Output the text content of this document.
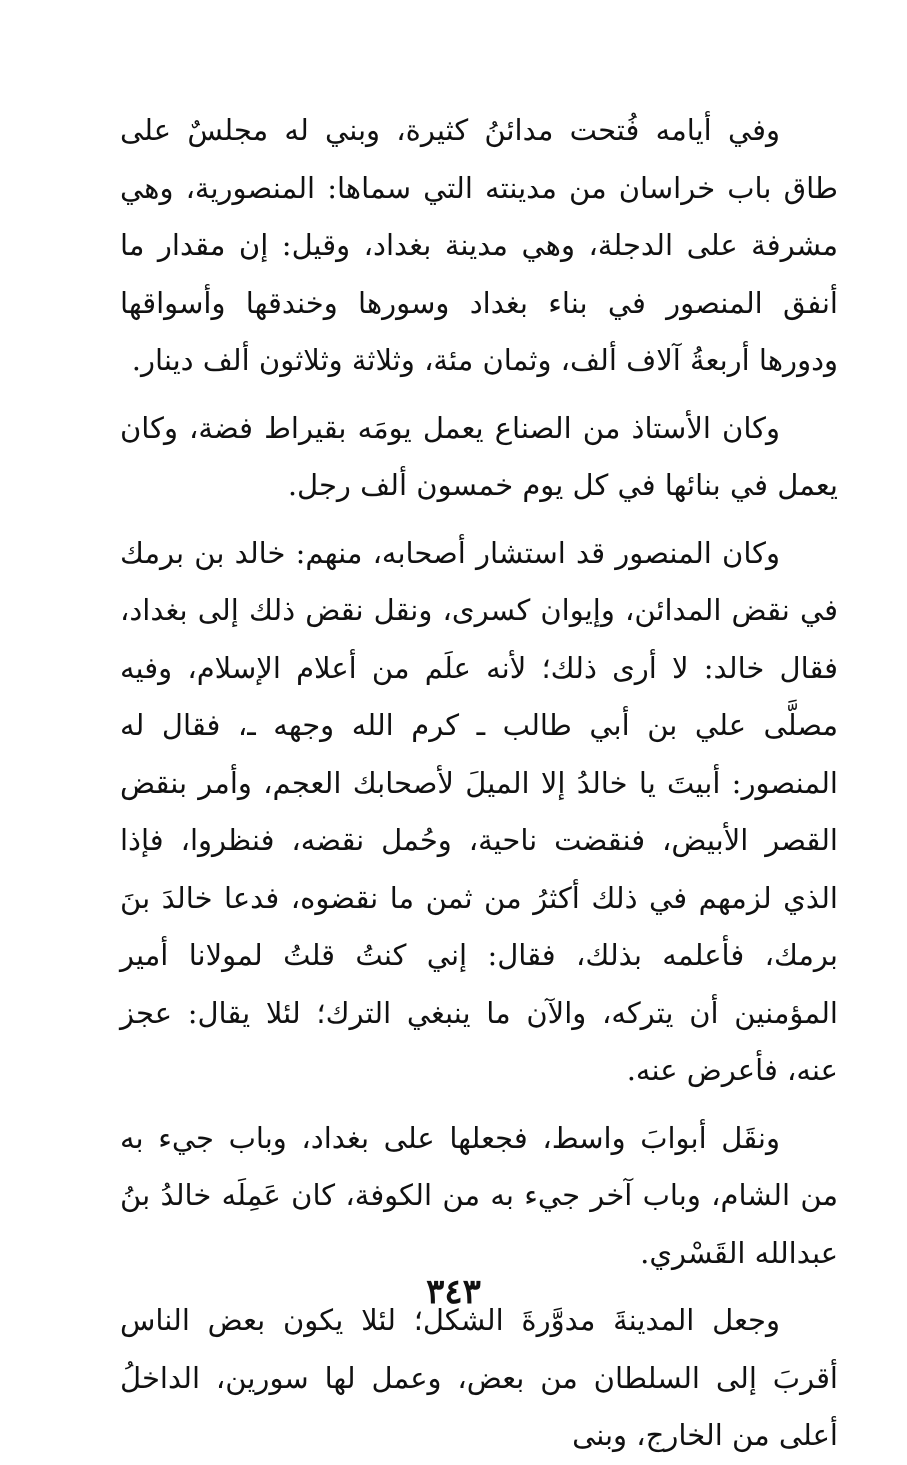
وفي أيامه فُتحت مدائنُ كثيرة، وبني له مجلسٌ على طاق باب خراسان من مدينته التي سماها: المنصورية، وهي مشرفة على الدجلة، وهي مدينة بغداد، وقيل: إن مقدار ما أنفق المنصور في بناء بغداد وسورها وخندقها وأسواقها ودورها أربعةُ آلاف ألف، وثمان مئة، وثلاثة وثلاثون ألف دينار.

وكان الأستاذ من الصناع يعمل يومَه بقيراط فضة، وكان يعمل في بنائها في كل يوم خمسون ألف رجل.

وكان المنصور قد استشار أصحابه، منهم: خالد بن برمك في نقض المدائن، وإيوان كسرى، ونقل نقض ذلك إلى بغداد، فقال خالد: لا أرى ذلك؛ لأنه علَم من أعلام الإسلام، وفيه مصلَّى علي بن أبي طالب ـ كرم الله وجهه ـ، فقال له المنصور: أبيتَ يا خالدُ إلا الميلَ لأصحابك العجم، وأمر بنقض القصر الأبيض، فنقضت ناحية، وحُمل نقضه، فنظروا، فإذا الذي لزمهم في ذلك أكثرُ من ثمن ما نقضوه، فدعا خالدَ بنَ برمك، فأعلمه بذلك، فقال: إني كنتُ قلتُ لمولانا أمير المؤمنين أن يتركه، والآن ما ينبغي الترك؛ لئلا يقال: عجز عنه، فأعرض عنه.

ونقَل أبوابَ واسط، فجعلها على بغداد، وباب جيء به من الشام، وباب آخر جيء به من الكوفة، كان عَمِلَه خالدُ بنُ عبدالله القَسْري.

وجعل المدينةَ مدوَّرةَ الشكل؛ لئلا يكون بعض الناس أقربَ إلى السلطان من بعض، وعمل لها سورين، الداخلُ أعلى من الخارج، وبنى

٣٤٣
